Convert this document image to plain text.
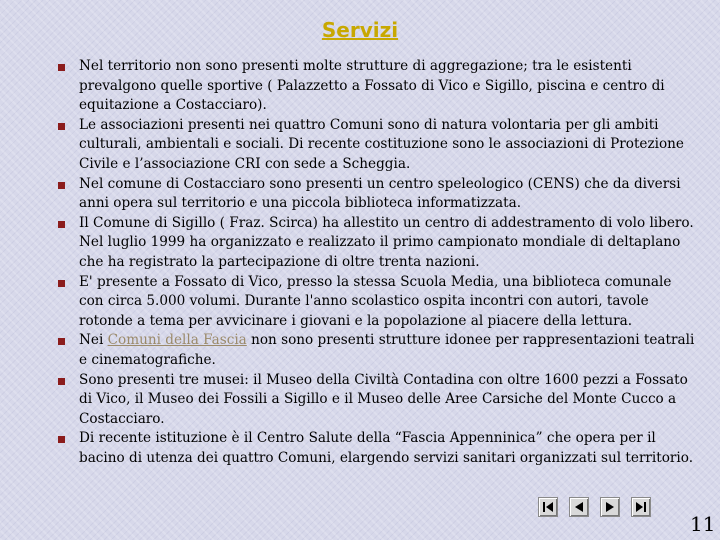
Servizi
Nel territorio non sono presenti molte strutture di aggregazione; tra le esistenti prevalgono quelle sportive ( Palazzetto a Fossato di Vico e Sigillo, piscina e centro di equitazione a Costacciaro).
Le associazioni presenti nei quattro Comuni sono di natura volontaria per gli ambiti culturali, ambientali e sociali. Di recente costituzione sono le associazioni di Protezione Civile e l’associazione CRI con sede a Scheggia.
Nel comune di Costacciaro sono presenti un centro speleologico (CENS) che da diversi anni opera sul territorio e una piccola biblioteca informatizzata.
Il Comune di Sigillo ( Fraz. Scirca) ha allestito un centro di addestramento di volo libero. Nel luglio 1999 ha organizzato e realizzato il primo campionato mondiale di deltaplano che ha registrato la partecipazione di oltre trenta nazioni.
E' presente a Fossato di Vico, presso la stessa Scuola Media, una biblioteca comunale con circa 5.000 volumi. Durante l'anno scolastico ospita incontri con autori, tavole rotonde a tema per avvicinare i giovani e la popolazione al piacere della lettura.
Nei Comuni della Fascia non sono presenti strutture idonee per rappresentazioni teatrali e cinematografiche.
Sono presenti tre musei: il Museo della Civiltà Contadina con oltre 1600 pezzi a Fossato di Vico, il Museo dei Fossili a Sigillo e il Museo delle Aree Carsiche del Monte Cucco a Costacciaro.
Di recente istituzione è il Centro Salute della “Fascia Appenninica” che opera per il bacino di utenza dei quattro Comuni, elargendo servizi sanitari organizzati sul territorio.
11
